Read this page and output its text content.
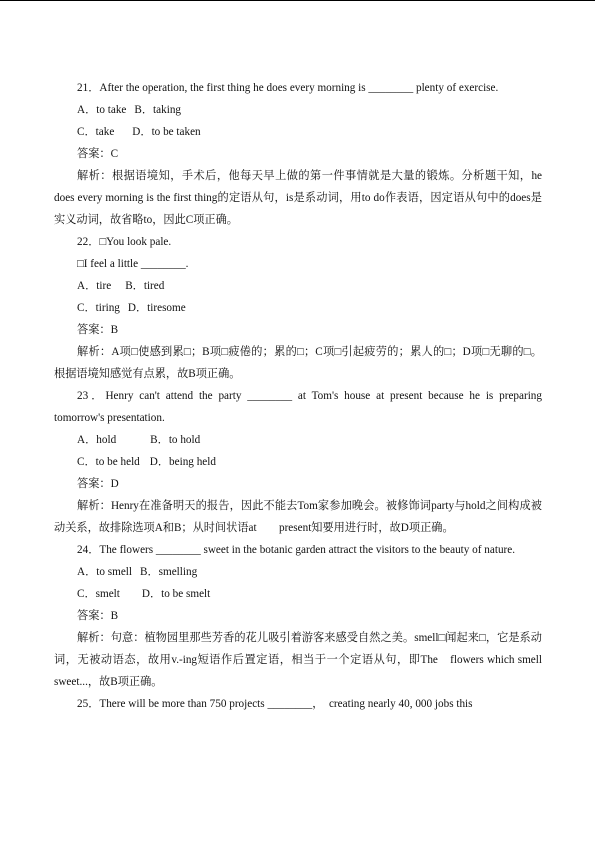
21．After the operation, the first thing he does every morning is ________ plenty of exercise.
A．to take B．taking
C．take D．to be taken
答案：C
解析：根据语境知，手术后，他每天早上做的第一件事情就是大量的锻炼。分析题干知，he does every morning is the first thing的定语从句，is是系动词，用to do作表语，因定语从句中的does是实义动词，故省略to，因此C项正确。
22．□You look pale.
□I feel a little ________.
A．tire B．tired
C．tiring D．tiresome
答案：B
解析：A项□使感到累□；B项□疲倦的；累的□；C项□引起疲劳的；累人的□；D项□无聊的□。根据语境知感觉有点累，故B项正确。
23．Henry can't attend the party ________ at Tom's house at present because he is preparing tomorrow's presentation.
A．hold	B．to hold
C．to be held D．being held
答案：D
解析：Henry在准备明天的报告，因此不能去Tom家参加晚会。被修饰词party与hold之间构成被动关系，故排除选项A和B；从时间状语at　　present知要用进行时，故D项正确。
24．The flowers ________ sweet in the botanic garden attract the visitors to the beauty of nature.
A．to smell B．smelling
C．smelt D．to be smelt
答案：B
解析：句意：植物园里那些芳香的花儿吸引着游客来感受自然之美。smell□闻起来□，它是系动词，无被动语态，故用v.-ing短语作后置定语，相当于一个定语从句，即The　flowers which smell sweet...，故B项正确。
25．There will be more than 750 projects ________，　creating nearly 40, 000 jobs this
